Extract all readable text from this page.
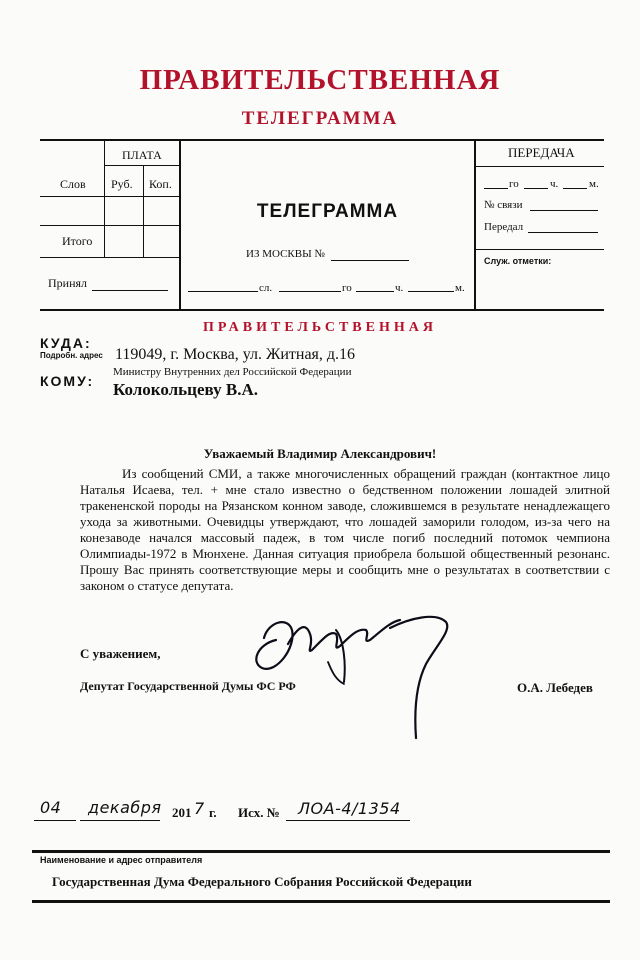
ПРАВИТЕЛЬСТВЕННАЯ
ТЕЛЕГРАММА
ПЛАТА
Слов Руб. Коп.
Итого
Принял
ТЕЛЕГРАММА
ИЗ МОСКВЫ №
сл.	го	ч.	м.
ПЕРЕДАЧА
го	ч.	м.
№ связи
Передал
Служ. отметки:
ПРАВИТЕЛЬСТВЕННАЯ
КУДА:
Подробн. адрес 119049, г. Москва, ул. Житная, д.16
Министру Внутренних дел Российской Федерации
КОМУ: Колокольцеву В.А.
Уважаемый Владимир Александрович!

Из сообщений СМИ, а также многочисленных обращений граждан (контактное лицо Наталья Исаева, тел. + мне стало известно о бедственном положении лошадей элитной тракененской породы на Рязанском конном заводе, сложившемся в результате ненадлежащего ухода за животными. Очевидцы утверждают, что лошадей заморили голодом, из-за чего на конезаводе начался массовый падеж, в том числе погиб последний потомок чемпиона Олимпиады-1972 в Мюнхене. Данная ситуация приобрела большой общественный резонанс. Прошу Вас принять соответствующие меры и сообщить мне о результатах в соответствии с законом о статусе депутата.

С уважением,
Депутат Государственной Думы ФС РФ	О.А. Лебедев
04 декабря 201 7 г. Исх. № ЛОА-4/1354
Наименование и адрес отправителя
Государственная Дума Федерального Собрания Российской Федерации
